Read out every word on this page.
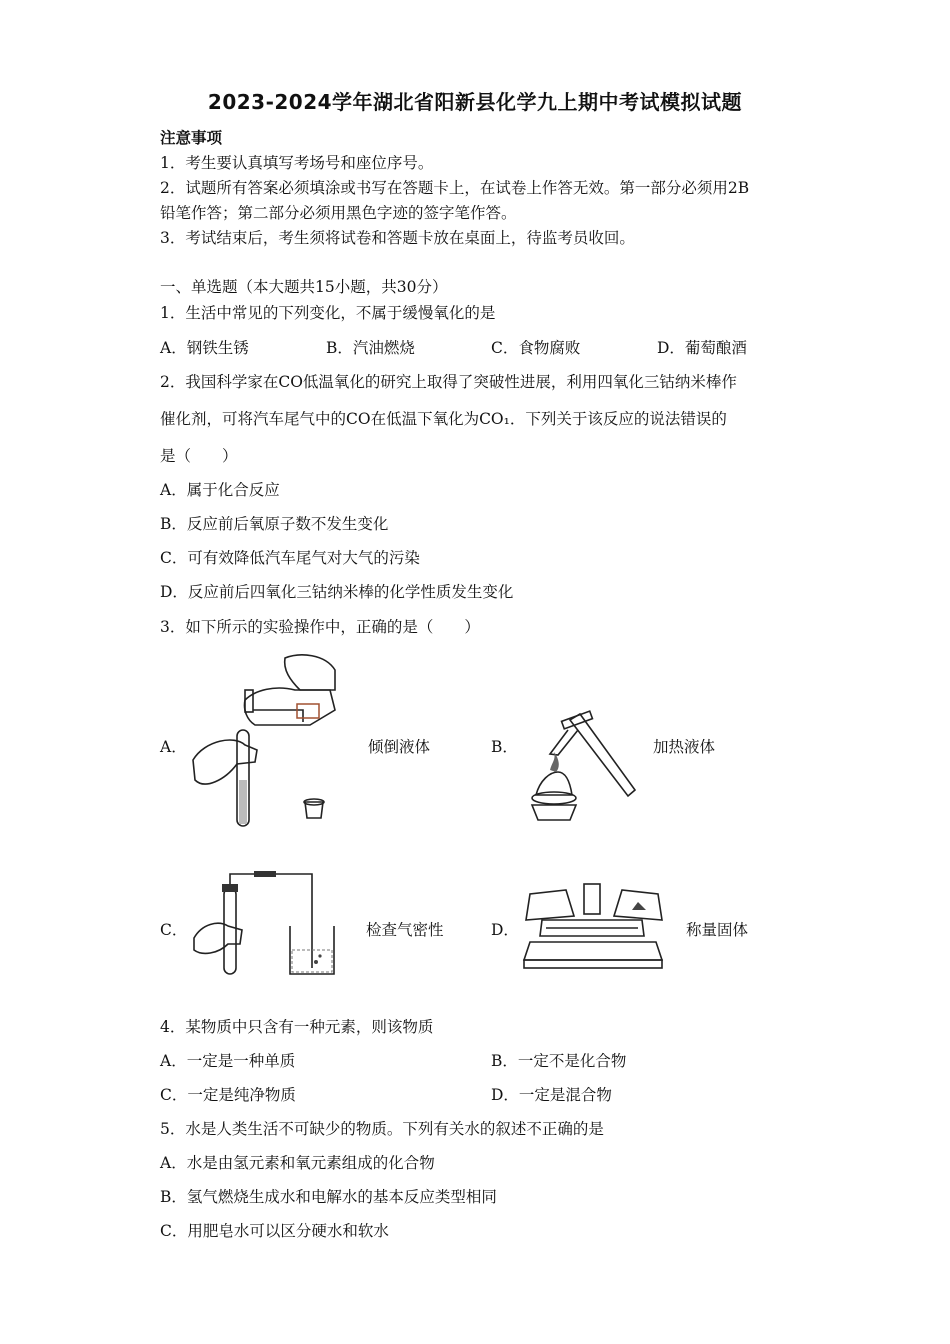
2023-2024学年湖北省阳新县化学九上期中考试模拟试题
注意事项
1．考生要认真填写考场号和座位序号。
2．试题所有答案必须填涂或书写在答题卡上，在试卷上作答无效。第一部分必须用2B
铅笔作答；第二部分必须用黑色字迹的签字笔作答。
3．考试结束后，考生须将试卷和答题卡放在桌面上，待监考员收回。
一、单选题（本大题共15小题，共30分）
1．生活中常见的下列变化，不属于缓慢氧化的是
A．钢铁生锈	B．汽油燃烧	C．食物腐败	D．葡萄酿酒
2．我国科学家在CO低温氧化的研究上取得了突破性进展，利用四氧化三钴纳米棒作
催化剂，可将汽车尾气中的CO在低温下氧化为CO₁．下列关于该反应的说法错误的
是（　　）
A．属于化合反应
B．反应前后氧原子数不发生变化
C．可有效降低汽车尾气对大气的污染
D．反应前后四氧化三钴纳米棒的化学性质发生变化
3．如下所示的实验操作中，正确的是（　　）
A．	倾倒液体	B．	加热液体
C．	检查气密性	D．	称量固体
4．某物质中只含有一种元素，则该物质
A．一定是一种单质	B．一定不是化合物
C．一定是纯净物质	D．一定是混合物
5．水是人类生活不可缺少的物质。下列有关水的叙述不正确的是
A．水是由氢元素和氧元素组成的化合物
B．氢气燃烧生成水和电解水的基本反应类型相同
C．用肥皂水可以区分硬水和软水
